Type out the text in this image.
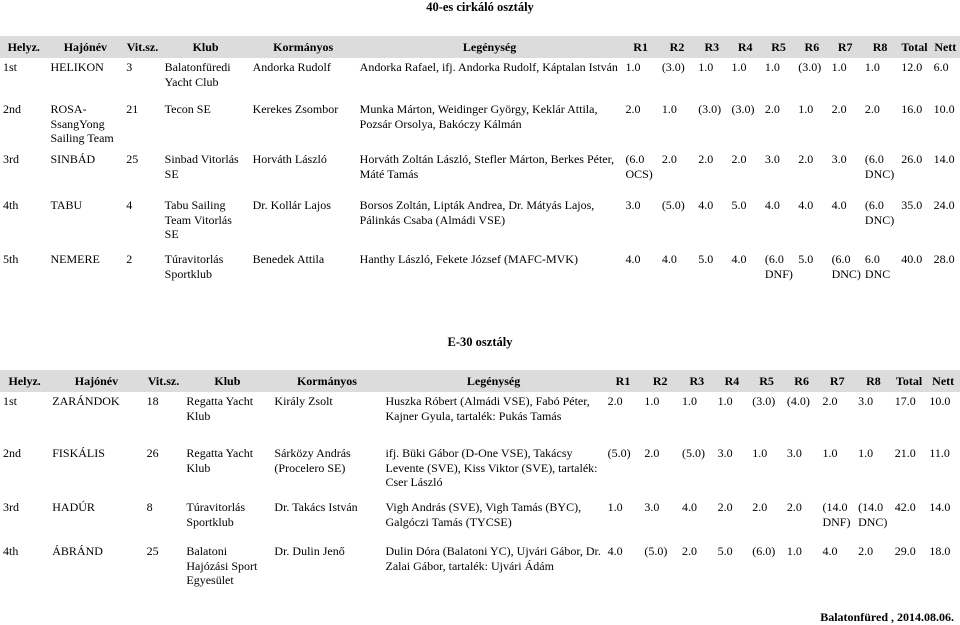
40-es cirkáló osztály
Helyz.	Hajónév	Vit.sz.	Klub	Kormányos	Legénység	R1	R2	R3	R4	R5	R6	R7	R8	Total	Nett
1st	HELIKON	3	Balatonfüredi Yacht Club	Andorka Rudolf	Andorka Rafael, ifj. Andorka Rudolf, Káptalan István	1.0	(3.0)	1.0	1.0	1.0	(3.0)	1.0	1.0	12.0	6.0
2nd	ROSA-SsangYong Sailing Team	21	Tecon SE	Kerekes Zsombor	Munka Márton, Weidinger György, Keklár Attila, Pozsár Orsolya, Bakóczy Kálmán	2.0	1.0	(3.0)	(3.0)	2.0	1.0	2.0	2.0	16.0	10.0
3rd	SINBÁD	25	Sinbad Vitorlás SE	Horváth László	Horváth Zoltán László, Stefler Márton, Berkes Péter, Máté Tamás	(6.0 OCS)	2.0	2.0	2.0	3.0	2.0	3.0	(6.0 DNC)	26.0	14.0
4th	TABU	4	Tabu Sailing Team Vitorlás SE	Dr. Kollár Lajos	Borsos Zoltán, Lipták Andrea, Dr. Mátyás Lajos, Pálinkás Csaba (Almádi VSE)	3.0	(5.0)	4.0	5.0	4.0	4.0	4.0	(6.0 DNC)	35.0	24.0
5th	NEMERE	2	Túravitorlás Sportklub	Benedek Attila	Hanthy László, Fekete József (MAFC-MVK)	4.0	4.0	5.0	4.0	(6.0 DNF)	5.0	(6.0 DNC)	6.0 DNC	40.0	28.0
E-30 osztály
Helyz.	Hajónév	Vit.sz.	Klub	Kormányos	Legénység	R1	R2	R3	R4	R5	R6	R7	R8	Total	Nett
1st	ZARÁNDOK	18	Regatta Yacht Klub	Király Zsolt	Huszka Róbert (Almádi VSE), Fabó Péter, Kajner Gyula, tartalék: Pukás Tamás	2.0	1.0	1.0	1.0	(3.0)	(4.0)	2.0	3.0	17.0	10.0
2nd	FISKÁLIS	26	Regatta Yacht Klub	Sárközy András (Procelero SE)	ifj. Büki Gábor (D-One VSE), Takácsy Levente (SVE), Kiss Viktor (SVE), tartalék: Cser László	(5.0)	2.0	(5.0)	3.0	1.0	3.0	1.0	1.0	21.0	11.0
3rd	HADÚR	8	Túravitorlás Sportklub	Dr. Takács István	Vigh András (SVE), Vigh Tamás (BYC), Galgóczi Tamás (TYCSE)	1.0	3.0	4.0	2.0	2.0	2.0	(14.0 DNF)	(14.0 DNC)	42.0	14.0
4th	ÁBRÁND	25	Balatoni Hajózási Sport Egyesület	Dr. Dulin Jenő	Dulin Dóra (Balatoni YC), Ujvári Gábor, Dr. Zalai Gábor, tartalék: Ujvári Ádám	4.0	(5.0)	2.0	5.0	(6.0)	1.0	4.0	2.0	29.0	18.0
Balatonfüred , 2014.08.06.
